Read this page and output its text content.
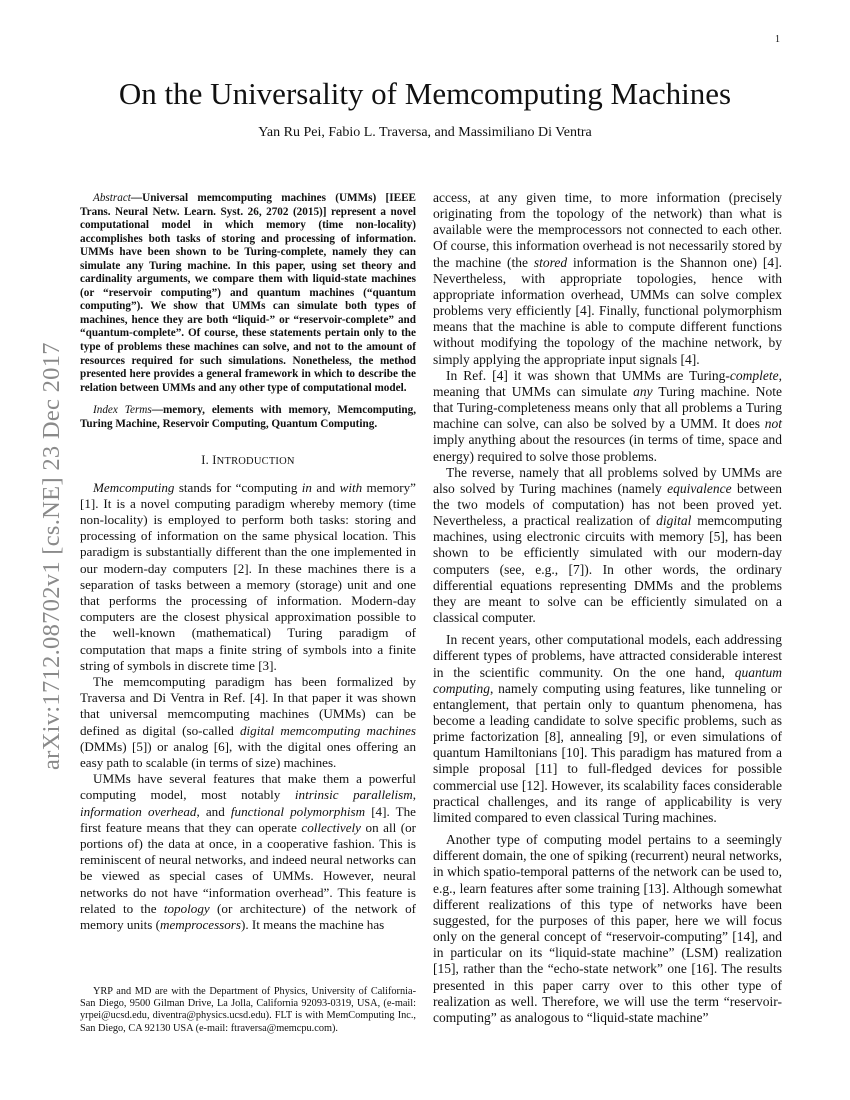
1
arXiv:1712.08702v1 [cs.NE] 23 Dec 2017
On the Universality of Memcomputing Machines
Yan Ru Pei, Fabio L. Traversa, and Massimiliano Di Ventra

Abstract—Universal memcomputing machines (UMMs) [IEEE Trans. Neural Netw. Learn. Syst. 26, 2702 (2015)] represent a novel computational model in which memory (time non-locality) accomplishes both tasks of storing and processing of information. UMMs have been shown to be Turing-complete, namely they can simulate any Turing machine. In this paper, using set theory and cardinality arguments, we compare them with liquid-state machines (or “reservoir computing”) and quantum machines (“quantum computing”). We show that UMMs can simulate both types of machines, hence they are both “liquid-” or “reservoir-complete” and “quantum-complete”. Of course, these statements pertain only to the type of problems these machines can solve, and not to the amount of resources required for such simulations. Nonetheless, the method presented here provides a general framework in which to describe the relation between UMMs and any other type of computational model.

Index Terms—memory, elements with memory, Memcomputing, Turing Machine, Reservoir Computing, Quantum Computing.

I. INTRODUCTION

Memcomputing stands for “computing in and with memory” [1]. It is a novel computing paradigm whereby memory (time non-locality) is employed to perform both tasks: storing and processing of information on the same physical location. This paradigm is substantially different than the one implemented in our modern-day computers [2]. In these machines there is a separation of tasks between a memory (storage) unit and one that performs the processing of information. Modern-day computers are the closest physical approximation possible to the well-known (mathematical) Turing paradigm of computation that maps a finite string of symbols into a finite string of symbols in discrete time [3].

The memcomputing paradigm has been formalized by Traversa and Di Ventra in Ref. [4]. In that paper it was shown that universal memcomputing machines (UMMs) can be defined as digital (so-called digital memcomputing machines (DMMs) [5]) or analog [6], with the digital ones offering an easy path to scalable (in terms of size) machines.

UMMs have several features that make them a powerful computing model, most notably intrinsic parallelism, information overhead, and functional polymorphism [4]. The first feature means that they can operate collectively on all (or portions of) the data at once, in a cooperative fashion. This is reminiscent of neural networks, and indeed neural networks can be viewed as special cases of UMMs. However, neural networks do not have “information overhead”. This feature is related to the topology (or architecture) of the network of memory units (memprocessors). It means the machine has

YRP and MD are with the Department of Physics, University of California-San Diego, 9500 Gilman Drive, La Jolla, California 92093-0319, USA, (e-mail: yrpei@ucsd.edu, diventra@physics.ucsd.edu). FLT is with MemComputing Inc., San Diego, CA 92130 USA (e-mail: ftraversa@memcpu.com).

access, at any given time, to more information (precisely originating from the topology of the network) than what is available were the memprocessors not connected to each other. Of course, this information overhead is not necessarily stored by the machine (the stored information is the Shannon one) [4]. Nevertheless, with appropriate topologies, hence with appropriate information overhead, UMMs can solve complex problems very efficiently [4]. Finally, functional polymorphism means that the machine is able to compute different functions without modifying the topology of the machine network, by simply applying the appropriate input signals [4].

In Ref. [4] it was shown that UMMs are Turing-complete, meaning that UMMs can simulate any Turing machine. Note that Turing-completeness means only that all problems a Turing machine can solve, can also be solved by a UMM. It does not imply anything about the resources (in terms of time, space and energy) required to solve those problems.

The reverse, namely that all problems solved by UMMs are also solved by Turing machines (namely equivalence between the two models of computation) has not been proved yet. Nevertheless, a practical realization of digital memcomputing machines, using electronic circuits with memory [5], has been shown to be efficiently simulated with our modern-day computers (see, e.g., [7]). In other words, the ordinary differential equations representing DMMs and the problems they are meant to solve can be efficiently simulated on a classical computer.

In recent years, other computational models, each addressing different types of problems, have attracted considerable interest in the scientific community. On the one hand, quantum computing, namely computing using features, like tunneling or entanglement, that pertain only to quantum phenomena, has become a leading candidate to solve specific problems, such as prime factorization [8], annealing [9], or even simulations of quantum Hamiltonians [10]. This paradigm has matured from a simple proposal [11] to full-fledged devices for possible commercial use [12]. However, its scalability faces considerable practical challenges, and its range of applicability is very limited compared to even classical Turing machines.

Another type of computing model pertains to a seemingly different domain, the one of spiking (recurrent) neural networks, in which spatio-temporal patterns of the network can be used to, e.g., learn features after some training [13]. Although somewhat different realizations of this type of networks have been suggested, for the purposes of this paper, here we will focus only on the general concept of “reservoir-computing” [14], and in particular on its “liquid-state machine” (LSM) realization [15], rather than the “echo-state network” one [16]. The results presented in this paper carry over to this other type of realization as well. Therefore, we will use the term “reservoir-computing” as analogous to “liquid-state machine”
